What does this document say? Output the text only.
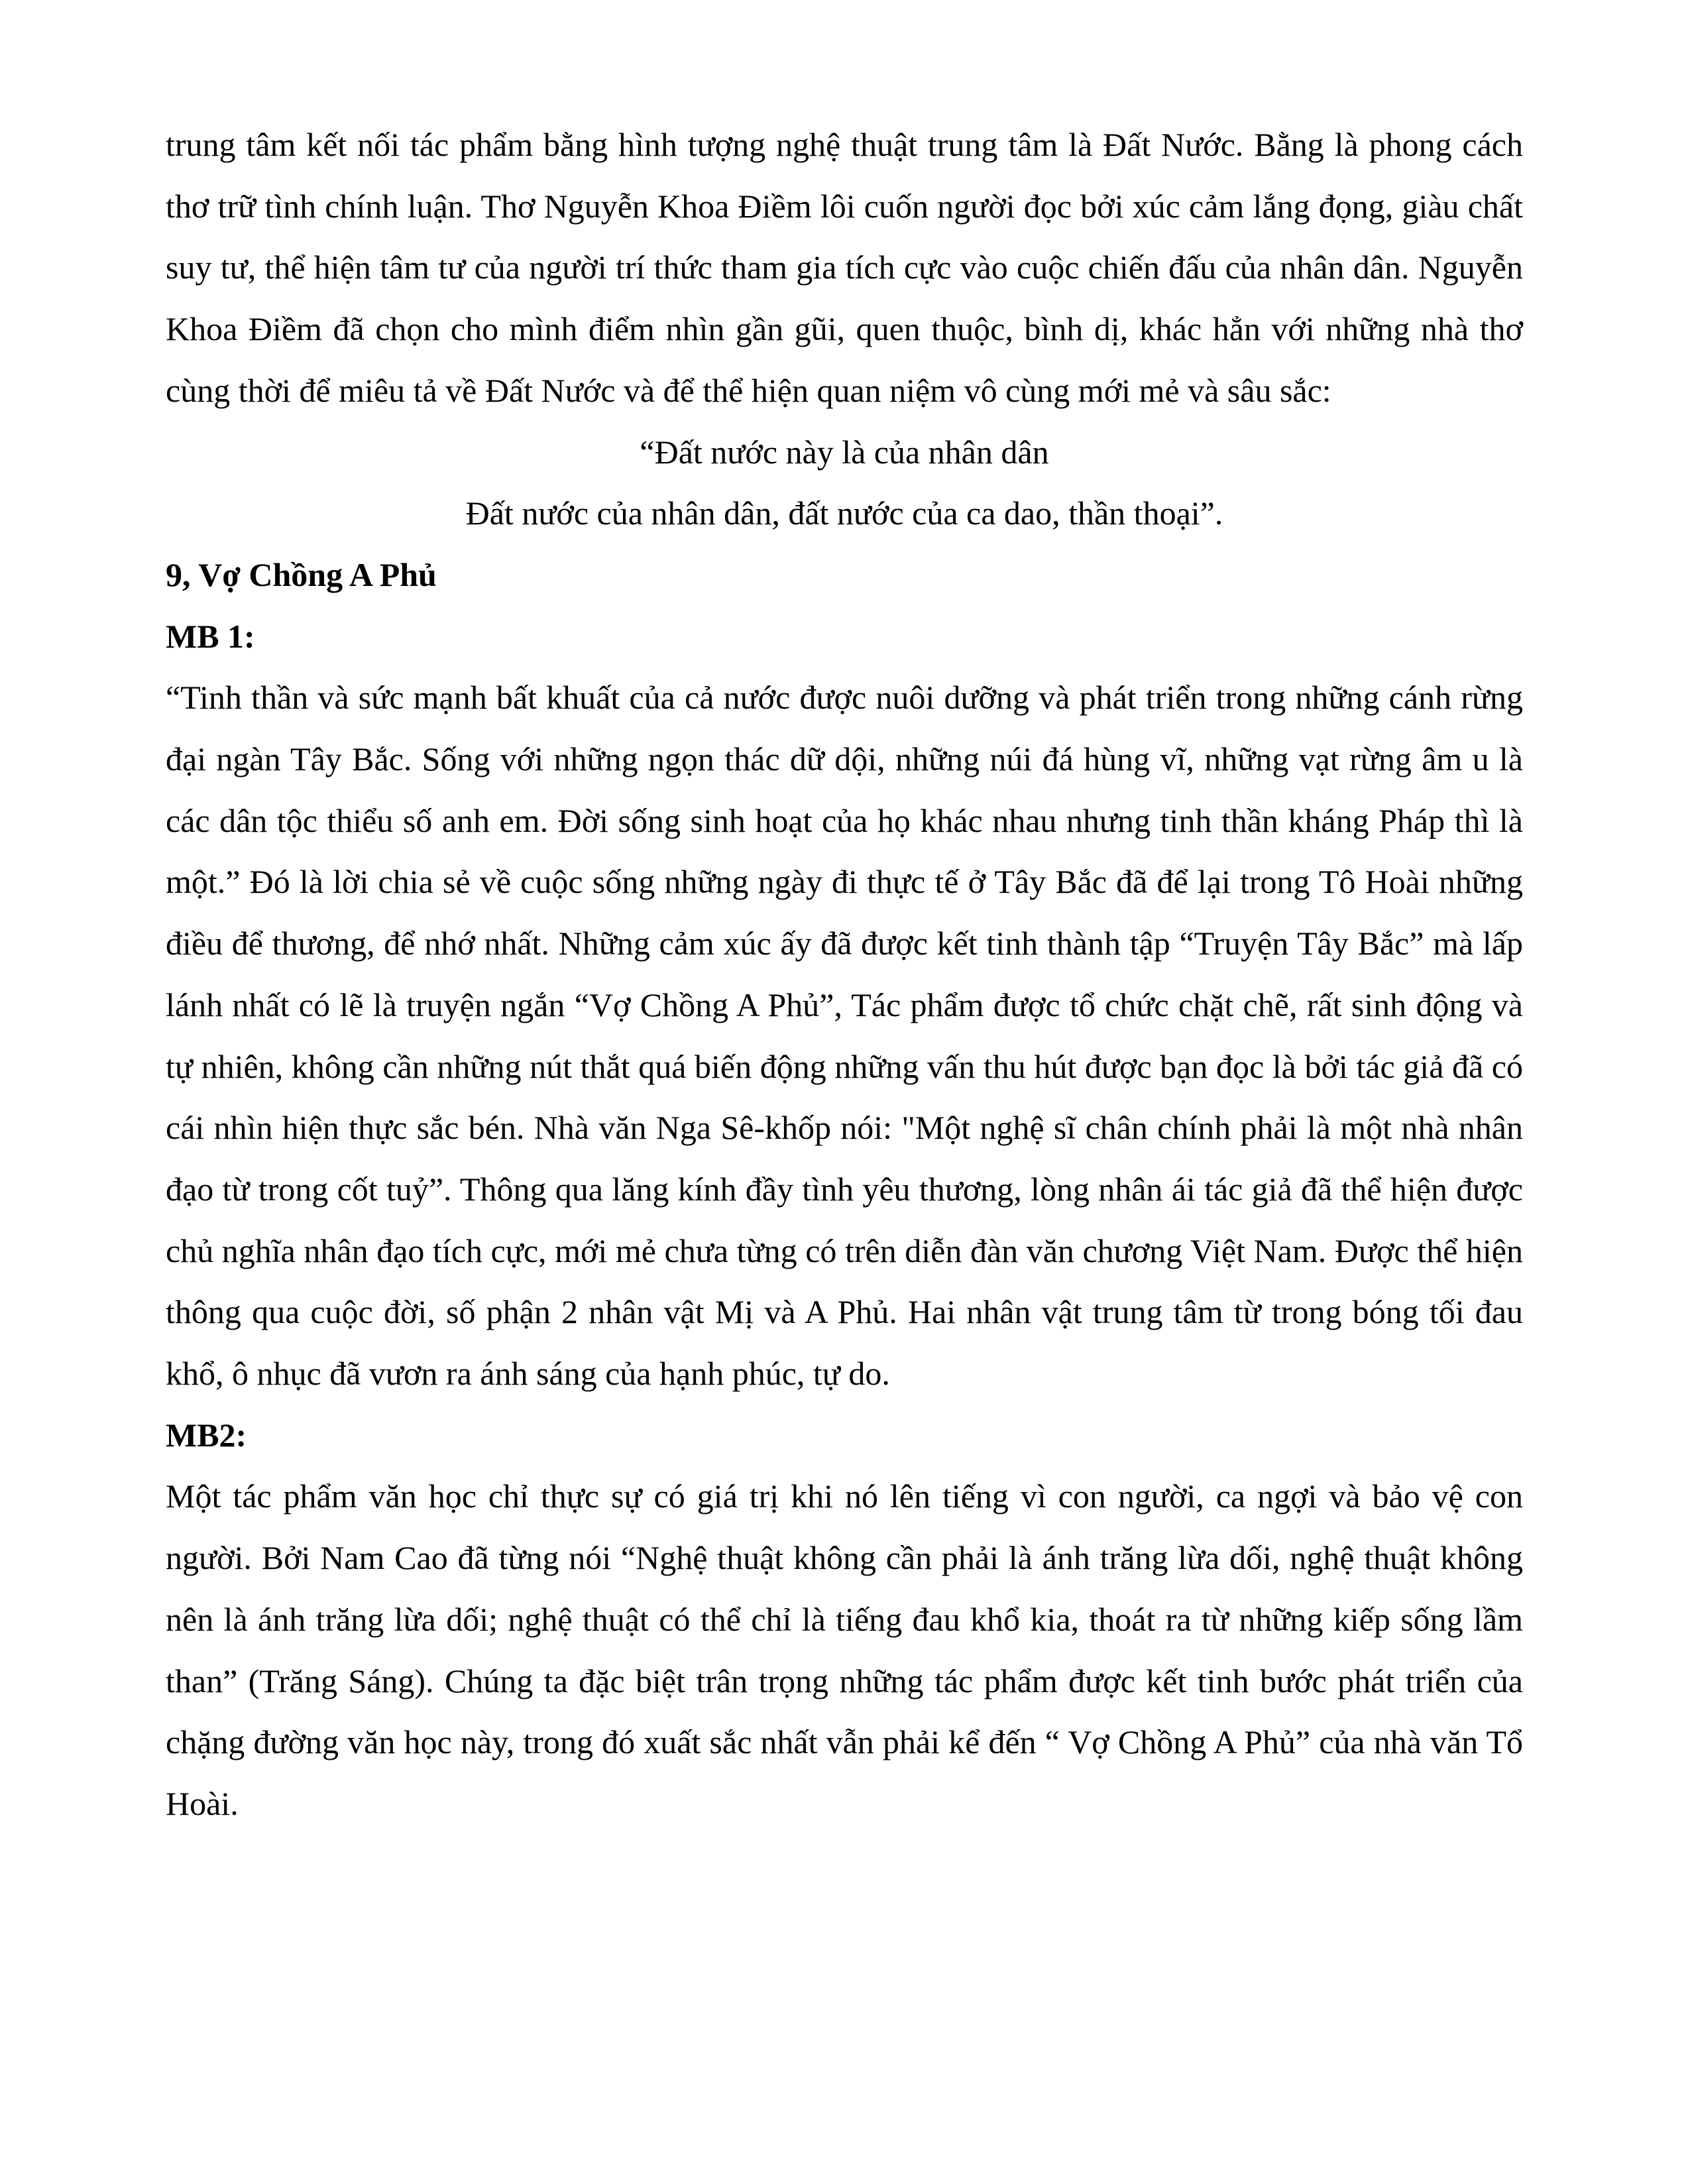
trung tâm kết nối tác phẩm bằng hình tượng nghệ thuật trung tâm là Đất Nước. Bằng là phong cách thơ trữ tình chính luận. Thơ Nguyễn Khoa Điềm lôi cuốn người đọc bởi xúc cảm lắng đọng, giàu chất suy tư, thể hiện tâm tư của người trí thức tham gia tích cực vào cuộc chiến đấu của nhân dân. Nguyễn Khoa Điềm đã chọn cho mình điểm nhìn gần gũi, quen thuộc, bình dị, khác hẳn với những nhà thơ cùng thời để miêu tả về Đất Nước và để thể hiện quan niệm vô cùng mới mẻ và sâu sắc:

“Đất nước này là của nhân dân

Đất nước của nhân dân, đất nước của ca dao, thần thoại”.

9, Vợ Chồng A Phủ

MB 1:

“Tinh thần và sức mạnh bất khuất của cả nước được nuôi dưỡng và phát triển trong những cánh rừng đại ngàn Tây Bắc. Sống với những ngọn thác dữ dội, những núi đá hùng vĩ, những vạt rừng âm u là các dân tộc thiểu số anh em. Đời sống sinh hoạt của họ khác nhau nhưng tinh thần kháng Pháp thì là một.” Đó là lời chia sẻ về cuộc sống những ngày đi thực tế ở Tây Bắc đã để lại trong Tô Hoài những điều để thương, để nhớ nhất. Những cảm xúc ấy đã được kết tinh thành tập “Truyện Tây Bắc” mà lấp lánh nhất có lẽ là truyện ngắn “Vợ Chồng A Phủ”, Tác phẩm được tổ chức chặt chẽ, rất sinh động và tự nhiên, không cần những nút thắt quá biến động những vấn thu hút được bạn đọc là bởi tác giả đã có cái nhìn hiện thực sắc bén. Nhà văn Nga Sê-khốp nói: "Một nghệ sĩ chân chính phải là một nhà nhân đạo từ trong cốt tuỷ”. Thông qua lăng kính đầy tình yêu thương, lòng nhân ái tác giả đã thể hiện được chủ nghĩa nhân đạo tích cực, mới mẻ chưa từng có trên diễn đàn văn chương Việt Nam. Được thể hiện thông qua cuộc đời, số phận 2 nhân vật Mị và A Phủ. Hai nhân vật trung tâm từ trong bóng tối đau khổ, ô nhục đã vươn ra ánh sáng của hạnh phúc, tự do.

MB2:

Một tác phẩm văn học chỉ thực sự có giá trị khi nó lên tiếng vì con người, ca ngợi và bảo vệ con người. Bởi Nam Cao đã từng nói “Nghệ thuật không cần phải là ánh trăng lừa dối, nghệ thuật không nên là ánh trăng lừa dối; nghệ thuật có thể chỉ là tiếng đau khổ kia, thoát ra từ những kiếp sống lầm than” (Trăng Sáng). Chúng ta đặc biệt trân trọng những tác phẩm được kết tinh bước phát triển của chặng đường văn học này, trong đó xuất sắc nhất vẫn phải kể đến “ Vợ Chồng A Phủ” của nhà văn Tổ Hoài.
